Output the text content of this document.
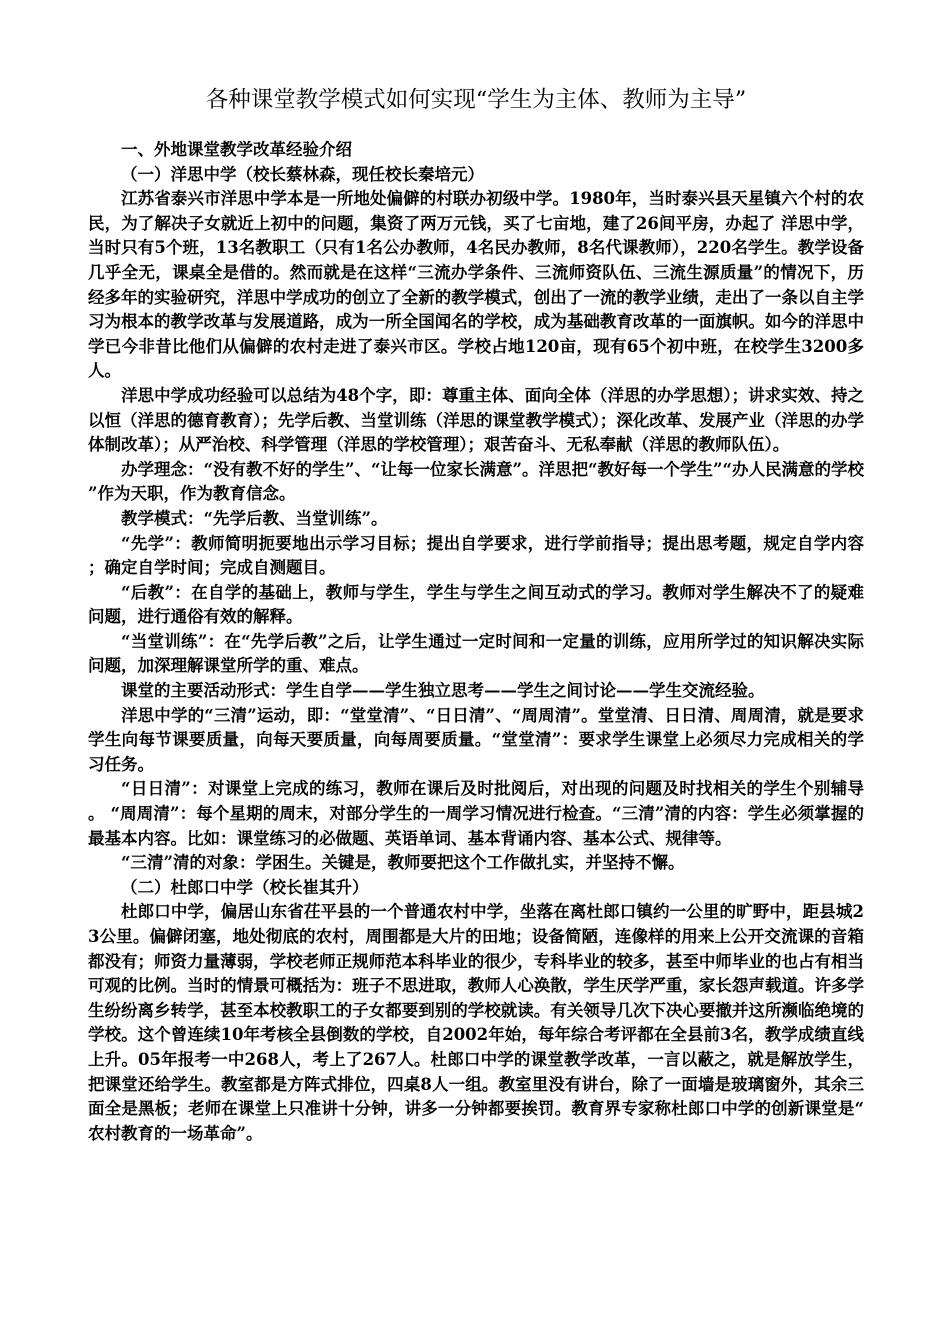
各种课堂教学模式如何实现“学生为主体、教师为主导”

一、外地课堂教学改革经验介绍

（一）洋思中学（校长蔡林森，现任校长秦培元）

江苏省泰兴市洋思中学本是一所地处偏僻的村联办初级中学。1980年，当时泰兴县天星镇六个村的农民，为了解决子女就近上初中的问题，集资了两万元钱，买了七亩地，建了26间平房，办起了 洋思中学，当时只有5个班，13名教职工（只有1名公办教师，4名民办教师，8名代课教师），220名学生。教学设备几乎全无，课桌全是借的。然而就是在这样“三流办学条件、三流师资队伍、三流生源质量”的情况下，历经多年的实验研究，洋思中学成功的创立了全新的教学模式，创出了一流的教学业绩，走出了一条以自主学习为根本的教学改革与发展道路，成为一所全国闻名的学校，成为基础教育改革的一面旗帜。如今的洋思中学已今非昔比他们从偏僻的农村走进了泰兴市区。学校占地120亩，现有65个初中班，在校学生3200多人。

洋思中学成功经验可以总结为48个字，即：尊重主体、面向全体（洋思的办学思想）；讲求实效、持之以恒（洋思的德育教育）；先学后教、当堂训练（洋思的课堂教学模式）；深化改革、发展产业（洋思的办学体制改革）；从严治校、科学管理（洋思的学校管理）；艰苦奋斗、无私奉献（洋思的教师队伍）。

办学理念：“没有教不好的学生”、“让每一位家长满意”。洋思把“教好每一个学生”“办人民满意的学校”作为天职，作为教育信念。

教学模式：“先学后教、当堂训练”。

“先学”：教师简明扼要地出示学习目标；提出自学要求，进行学前指导；提出思考题，规定自学内容；确定自学时间；完成自测题目。

“后教”：在自学的基础上，教师与学生，学生与学生之间互动式的学习。教师对学生解决不了的疑难问题，进行通俗有效的解释。

“当堂训练”：在“先学后教”之后，让学生通过一定时间和一定量的训练，应用所学过的知识解决实际问题，加深理解课堂所学的重、难点。

课堂的主要活动形式：学生自学——学生独立思考——学生之间讨论——学生交流经验。

洋思中学的“三清”运动，即：“堂堂清”、“日日清”、“周周清”。堂堂清、日日清、周周清，就是要求学生向每节课要质量，向每天要质量，向每周要质量。“堂堂清”：要求学生课堂上必须尽力完成相关的学习任务。

“日日清”：对课堂上完成的练习，教师在课后及时批阅后，对出现的问题及时找相关的学生个别辅导。 “周周清”：每个星期的周末，对部分学生的一周学习情况进行检查。“三清”清的内容：学生必须掌握的最基本内容。比如：课堂练习的必做题、英语单词、基本背诵内容、基本公式、规律等。

“三清”清的对象：学困生。关键是，教师要把这个工作做扎实，并坚持不懈。

（二）杜郎口中学（校长崔其升）

杜郎口中学，偏居山东省茌平县的一个普通农村中学，坐落在离杜郎口镇约一公里的旷野中，距县城23公里。偏僻闭塞，地处彻底的农村，周围都是大片的田地；设备简陋，连像样的用来上公开交流课的音箱都没有；师资力量薄弱，学校老师正规师范本科毕业的很少，专科毕业的较多，甚至中师毕业的也占有相当可观的比例。当时的情景可概括为：班子不思进取，教师人心涣散，学生厌学严重，家长怨声载道。许多学生纷纷离乡转学，甚至本校教职工的子女都要到别的学校就读。有关领导几次下决心要撤并这所濒临绝境的学校。这个曾连续10年考核全县倒数的学校，自2002年始，每年综合考评都在全县前3名，教学成绩直线上升。05年报考一中268人，考上了267人。杜郎口中学的课堂教学改革，一言以蔽之，就是解放学生，把课堂还给学生。教室都是方阵式排位，四桌8人一组。教室里没有讲台，除了一面墙是玻璃窗外，其余三面全是黑板；老师在课堂上只准讲十分钟，讲多一分钟都要挨罚。教育界专家称杜郎口中学的创新课堂是“农村教育的一场革命”。
